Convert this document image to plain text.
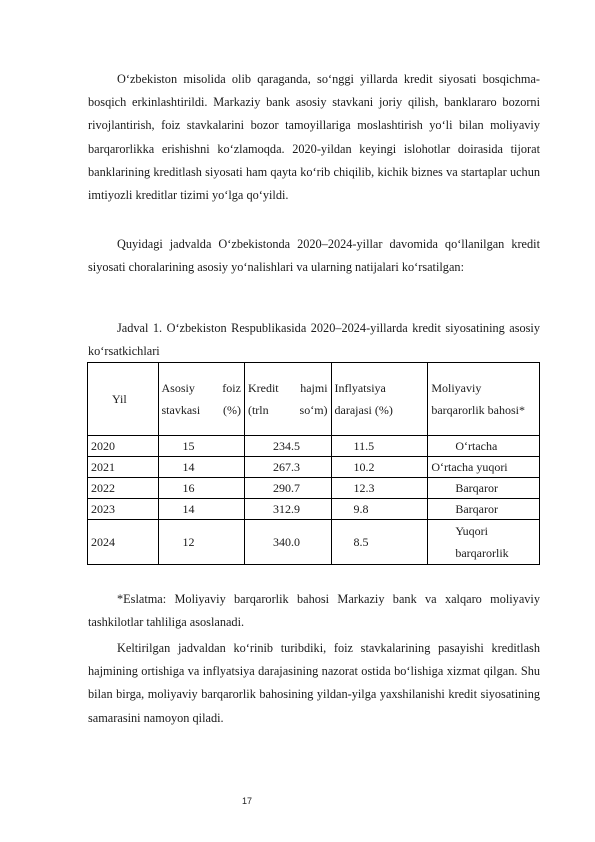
O‘zbekiston misolida olib qaraganda, so‘nggi yillarda kredit siyosati bosqichma-bosqich erkinlashtirildi. Markaziy bank asosiy stavkani joriy qilish, banklararo bozorni rivojlantirish, foiz stavkalarini bozor tamoyillariga moslashtirish yo‘li bilan moliyaviy barqarorlikka erishishni ko‘zlamoqda. 2020-yildan keyingi islohotlar doirasida tijorat banklarining kreditlash siyosati ham qayta ko‘rib chiqilib, kichik biznes va startaplar uchun imtiyozli kreditlar tizimi yo‘lga qo‘yildi.

Quyidagi jadvalda O‘zbekistonda 2020–2024-yillar davomida qo‘llanilgan kredit siyosati choralarining asosiy yo‘nalishlari va ularning natijalari ko‘rsatilgan:

Jadval 1. O‘zbekiston Respublikasida 2020–2024-yillarda kredit siyosatining asosiy ko‘rsatkichlari

Yil	Asosiy foiz stavkasi (%)	Kredit hajmi (trln so‘m)	Inflyatsiya darajasi (%)	Moliyaviy barqarorlik bahosi*
2020	15	234.5	11.5	O‘rtacha
2021	14	267.3	10.2	O‘rtacha yuqori
2022	16	290.7	12.3	Barqaror
2023	14	312.9	9.8	Barqaror
2024	12	340.0	8.5	Yuqori barqarorlik

*Eslatma: Moliyaviy barqarorlik bahosi Markaziy bank va xalqaro moliyaviy tashkilotlar tahliliga asoslanadi.

Keltirilgan jadvaldan ko‘rinib turibdiki, foiz stavkalarining pasayishi kreditlash hajmining ortishiga va inflyatsiya darajasining nazorat ostida bo‘lishiga xizmat qilgan. Shu bilan birga, moliyaviy barqarorlik bahosining yildan-yilga yaxshilanishi kredit siyosatining samarasini namoyon qiladi.

17
